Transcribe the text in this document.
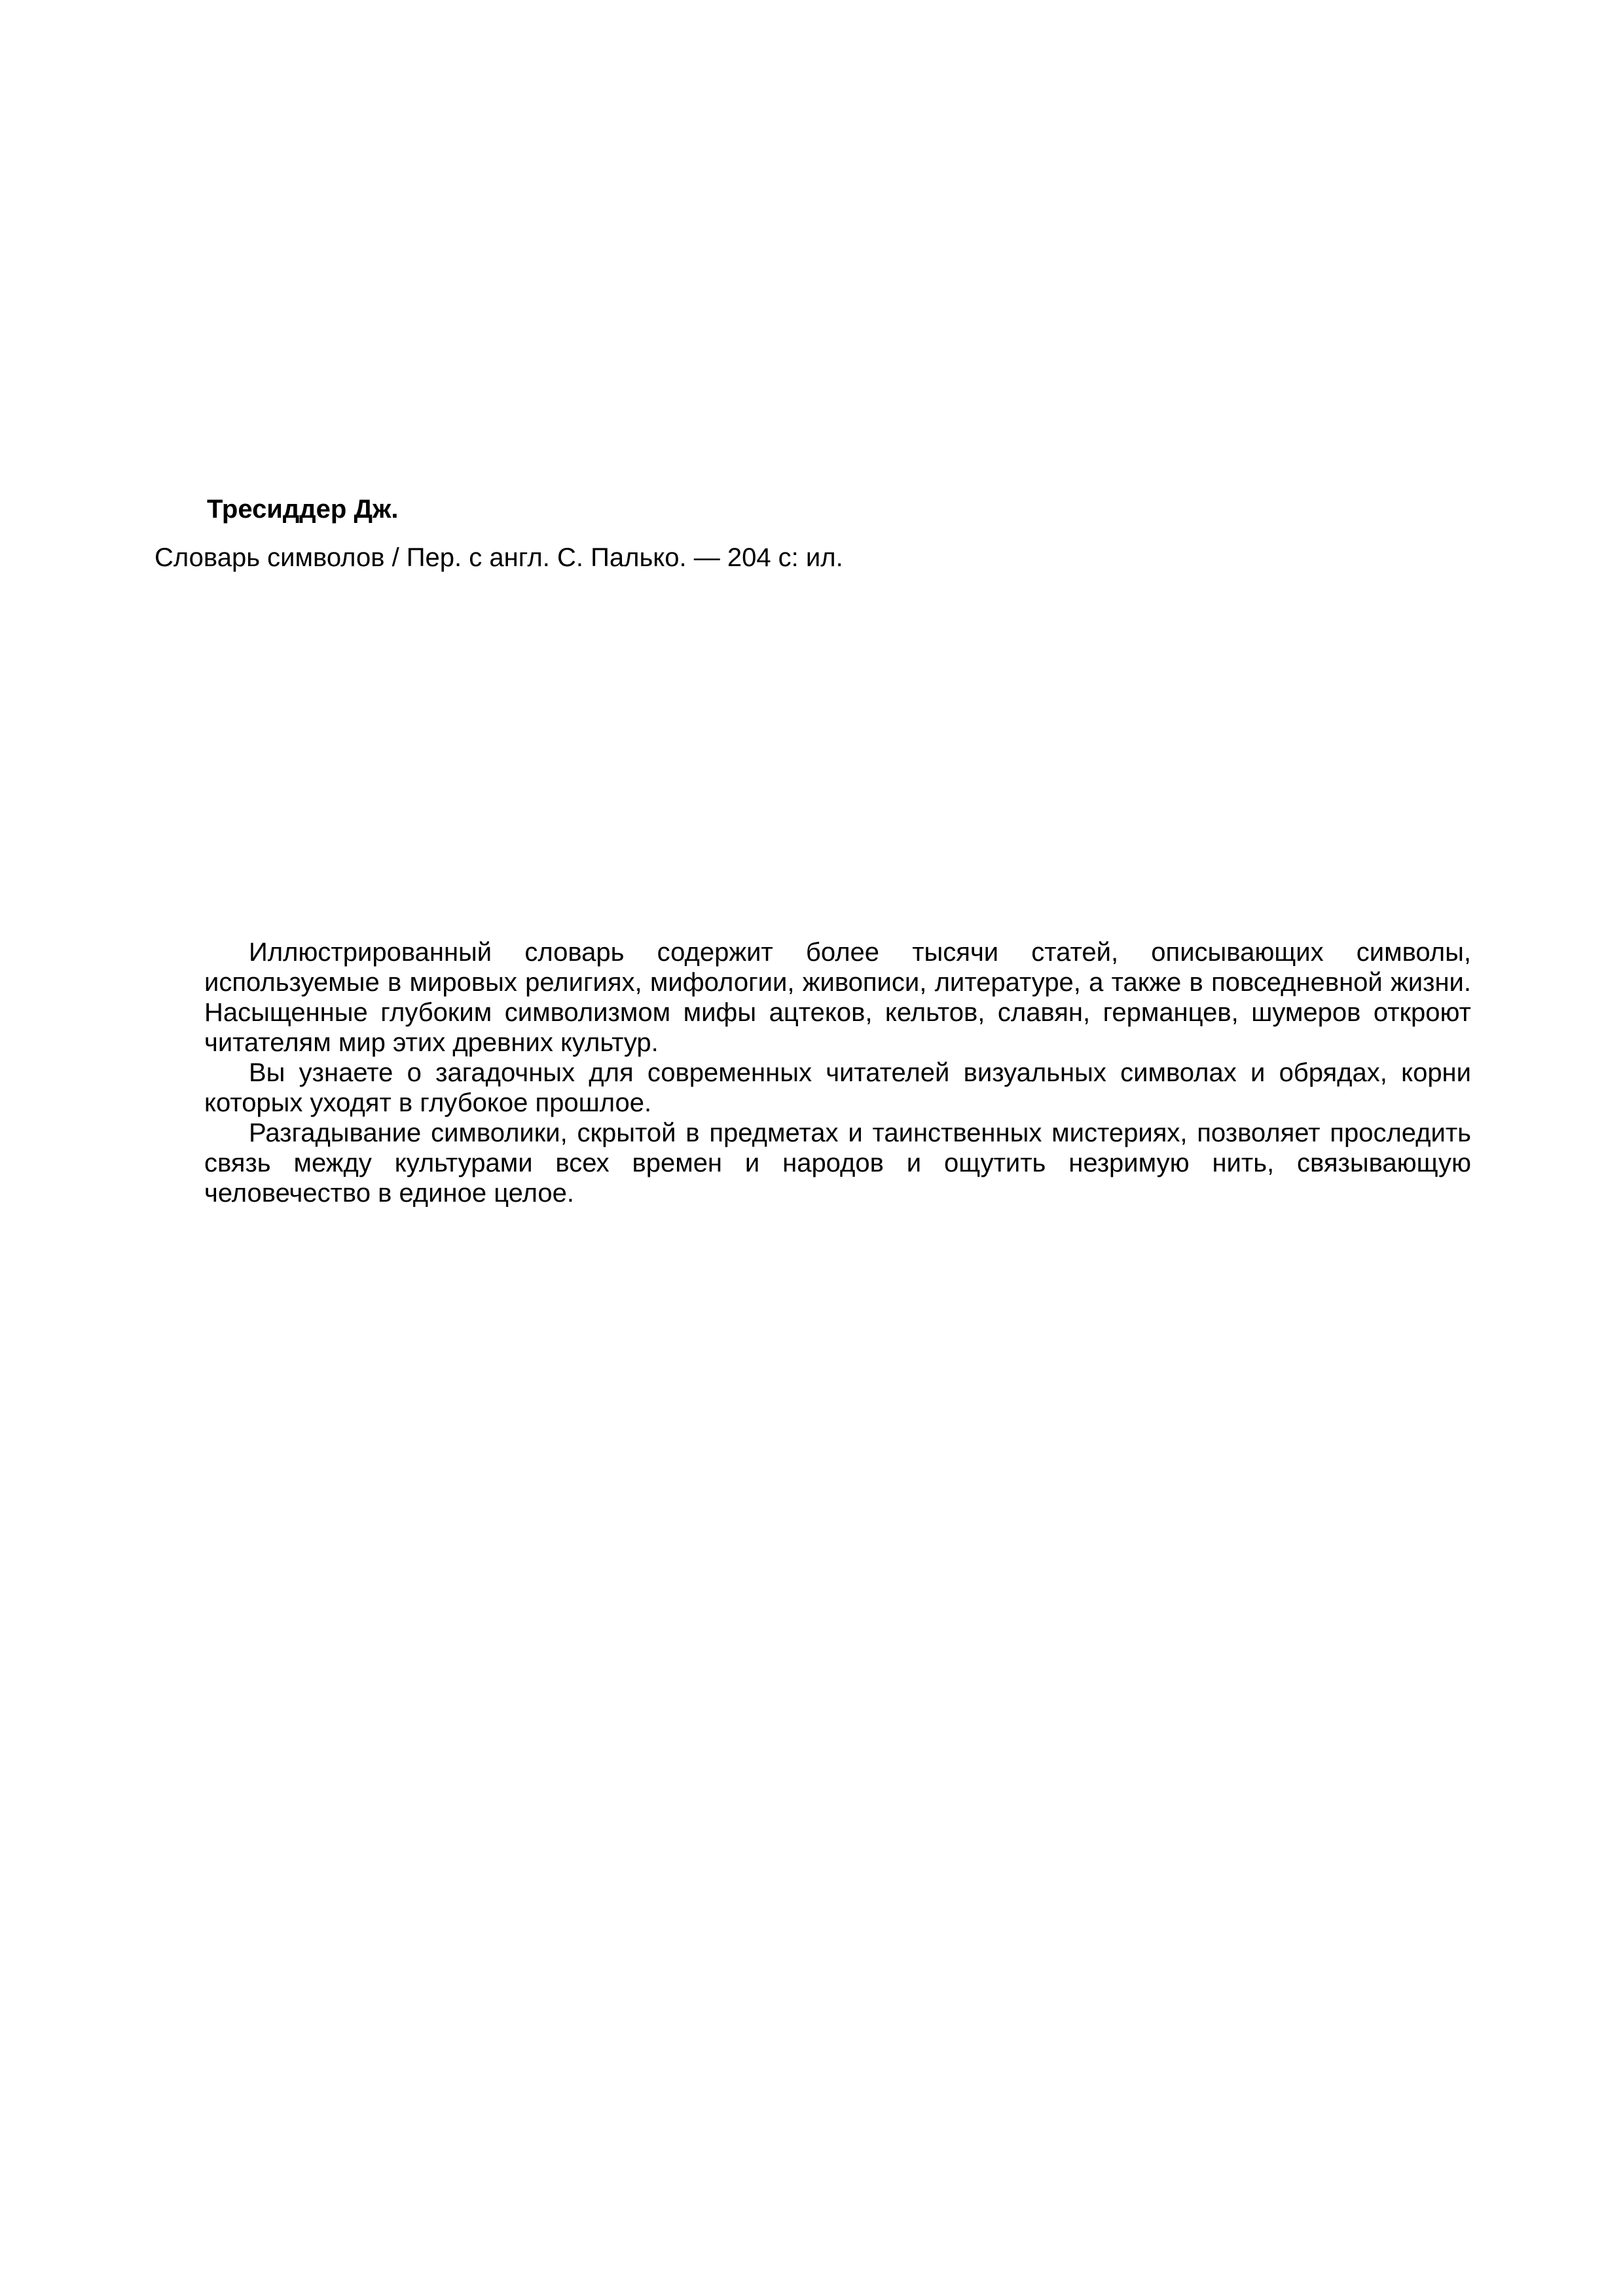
Тресиддер Дж.
Словарь символов / Пер. с англ. С. Палько. — 204 с: ил.

Иллюстрированный словарь содержит более тысячи статей, описывающих символы, используемые в мировых религиях, мифологии, живописи, литературе, а также в повседневной жизни. Насыщенные глубоким символизмом мифы ацтеков, кельтов, славян, германцев, шумеров откроют читателям мир этих древних культур.

Вы узнаете о загадочных для современных читателей визуальных символах и обрядах, корни которых уходят в глубокое прошлое.

Разгадывание символики, скрытой в предметах и таинственных мистериях, позволяет проследить связь между культурами всех времен и народов и ощутить незримую нить, связывающую человечество в единое целое.
